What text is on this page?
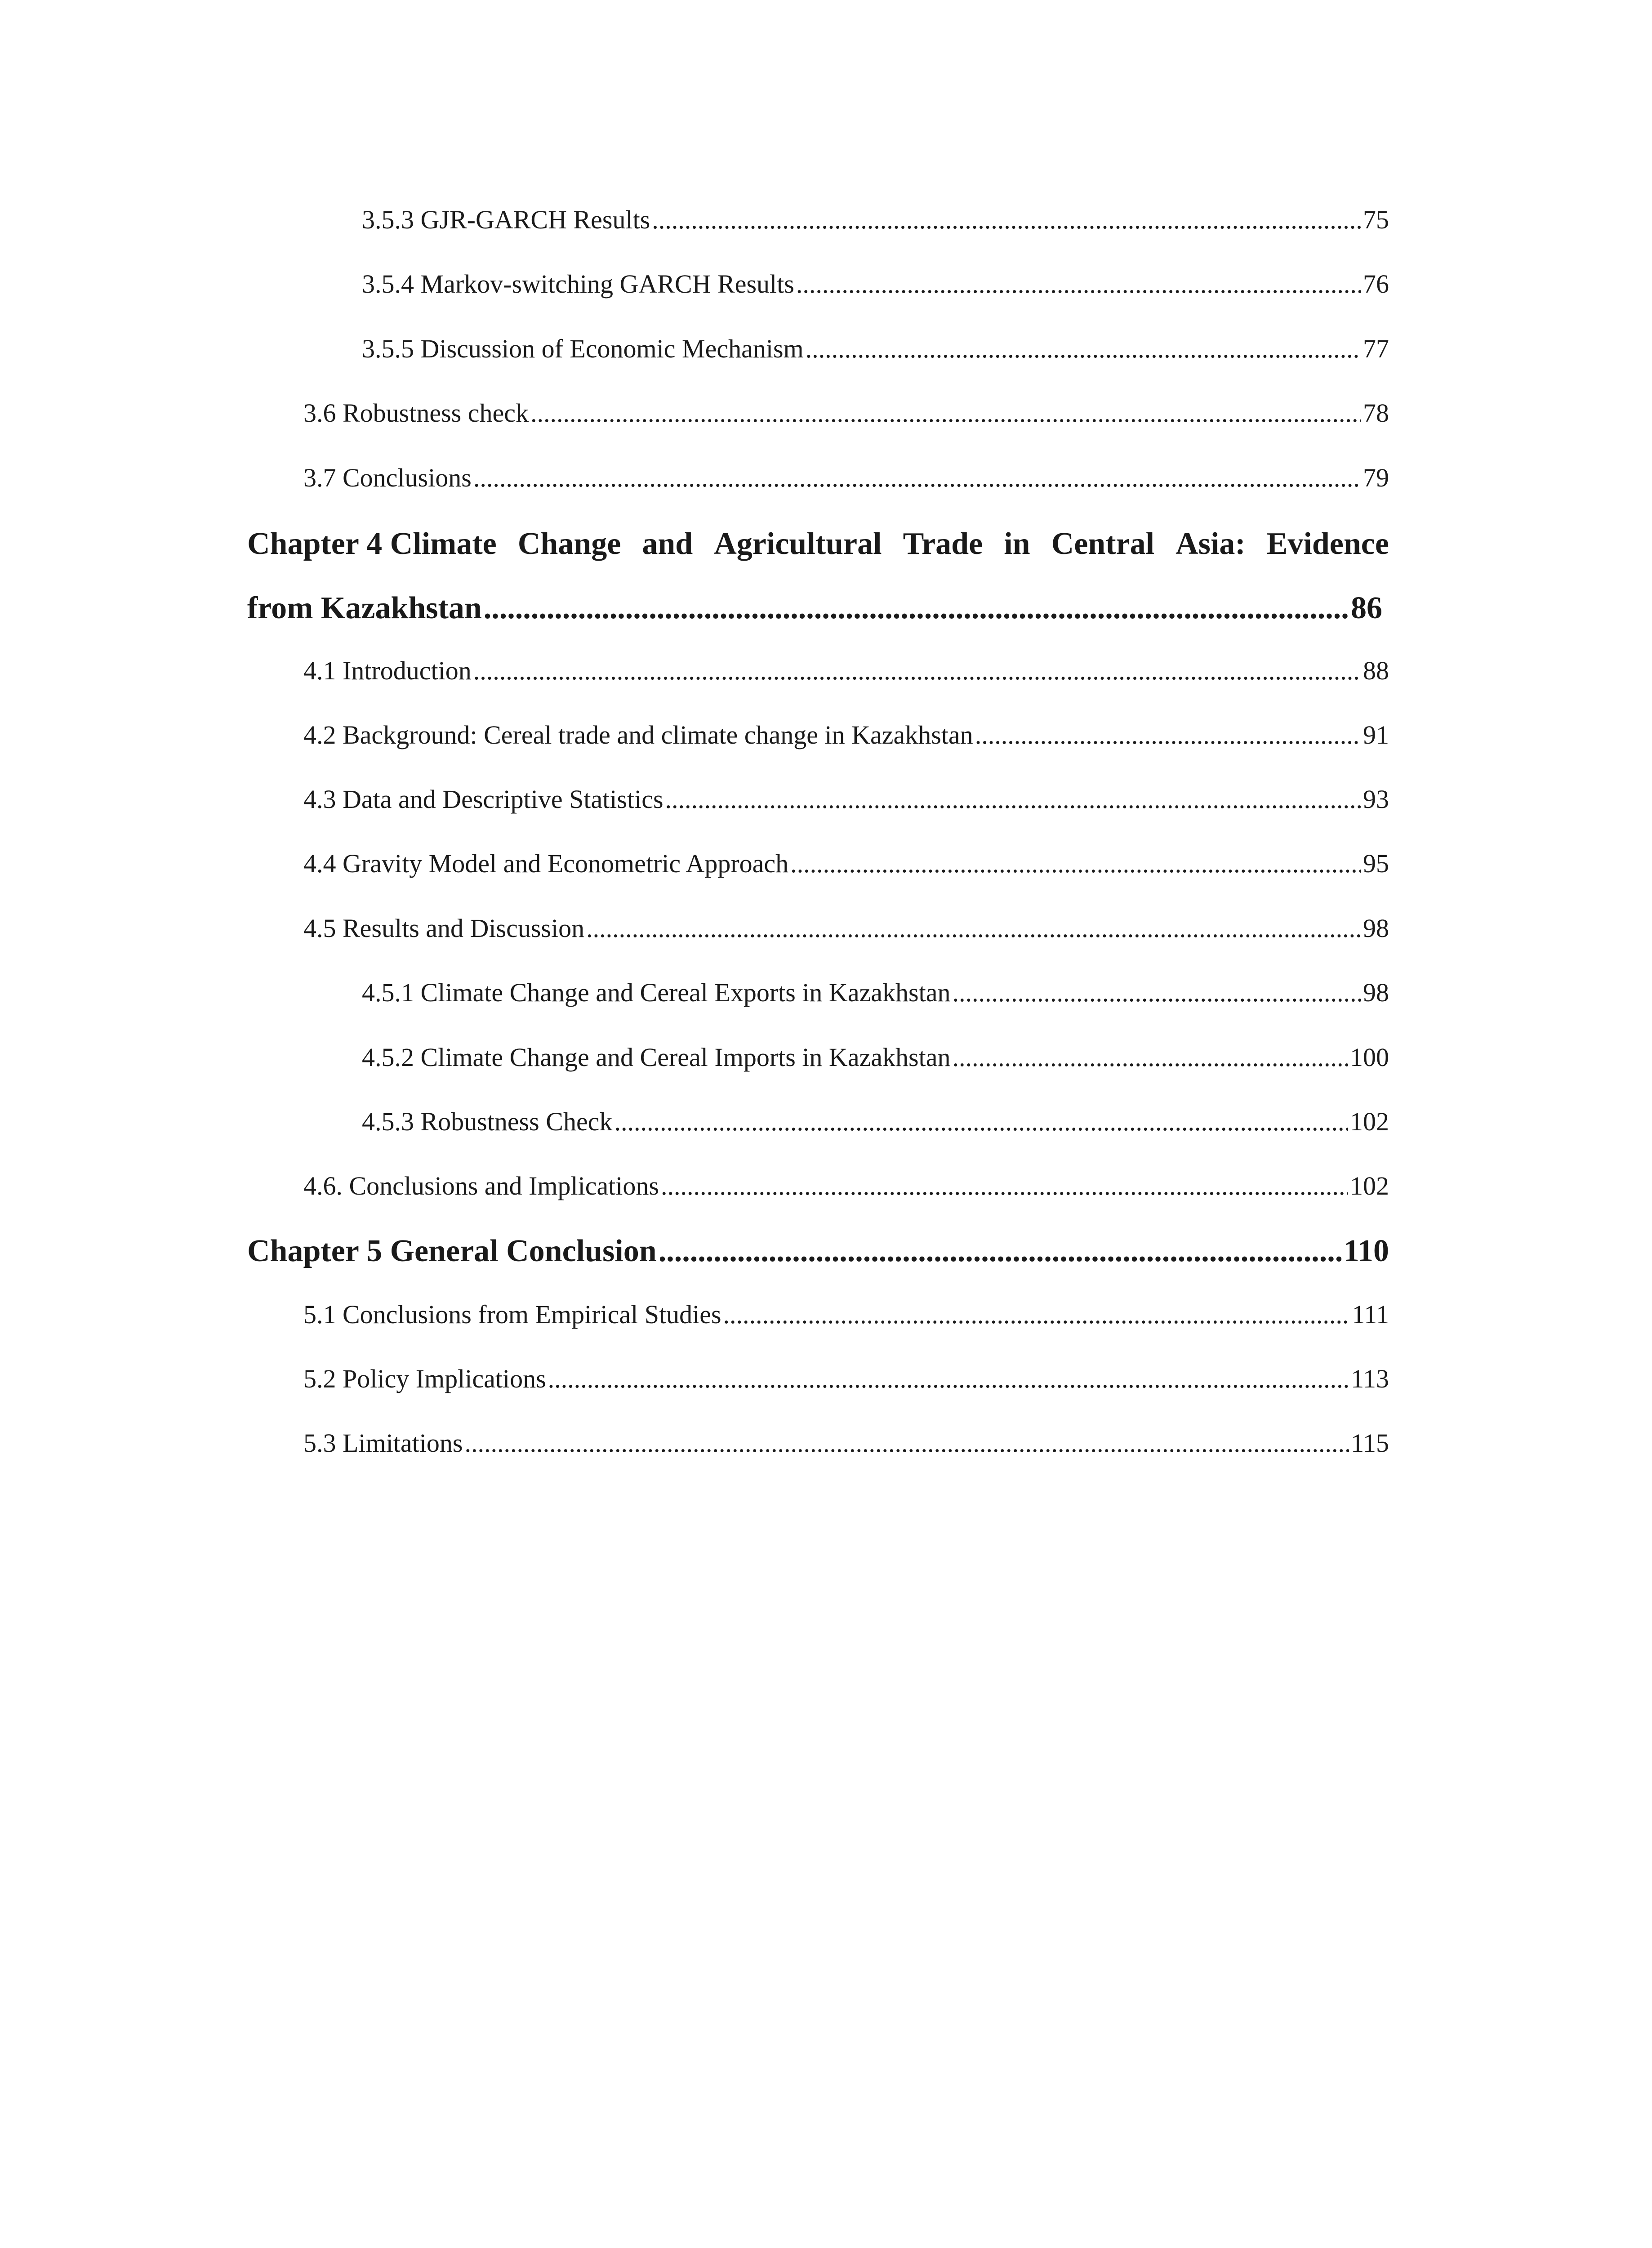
3.5.3 GJR-GARCH Results .....	75
3.5.4 Markov-switching GARCH Results .....	76
3.5.5 Discussion of Economic Mechanism .....	77
3.6 Robustness check .....	78
3.7 Conclusions .....	79
Chapter 4 Climate Change and Agricultural Trade in Central Asia: Evidence
from Kazakhstan .....	86
4.1 Introduction .....	88
4.2 Background: Cereal trade and climate change in Kazakhstan .....	91
4.3 Data and Descriptive Statistics .....	93
4.4 Gravity Model and Econometric Approach .....	95
4.5 Results and Discussion .....	98
4.5.1 Climate Change and Cereal Exports in Kazakhstan .....	98
4.5.2 Climate Change and Cereal Imports in Kazakhstan .....	100
4.5.3 Robustness Check .....	102
4.6. Conclusions and Implications .....	102
Chapter 5 General Conclusion .....	110
5.1 Conclusions from Empirical Studies .....	111
5.2 Policy Implications .....	113
5.3 Limitations .....	115
